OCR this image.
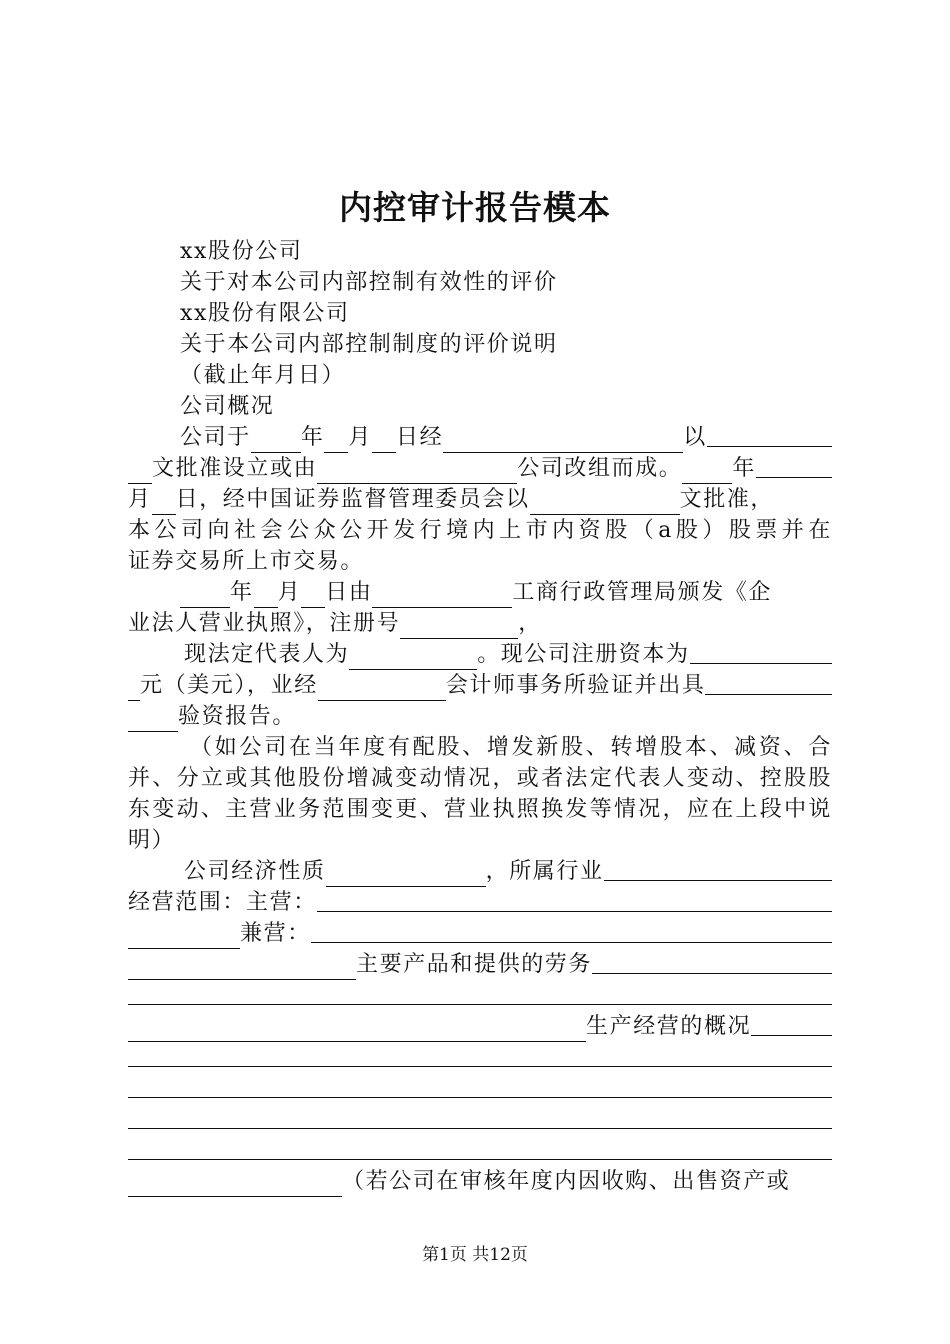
内控审计报告模本

xx股份公司

关于对本公司内部控制有效性的评价

xx股份有限公司

关于本公司内部控制制度的评价说明

（截止年月日）

公司概况

公司于 年 月 日经	以
文批准设立或由	公司改组而成。 年
月 日，经中国证券监督管理委员会以	文批准，

本公司向社会公众公开发行境内上市内资股（a股）股票并在

证券交易所上市交易。

年 月 日由	工商行政管理局颁发《企
业法人营业执照》，注册号	，
现法定代表人为	。现公司注册资本为
元（美元），业经	会计师事务所验证并出具
验资报告。

（如公司在当年度有配股、增发新股、转增股本、减资、合并、分立或其他股份增减变动情况，或者法定代表人变动、控股股东变动、主营业务范围变更、营业执照换发等情况，应在上段中说明）

公司经济性质	，所属行业
经营范围：主营：
兼营：
主要产品和提供的劳务
生产经营的概况
（若公司在审核年度内因收购、出售资产或
第1页 共12页
